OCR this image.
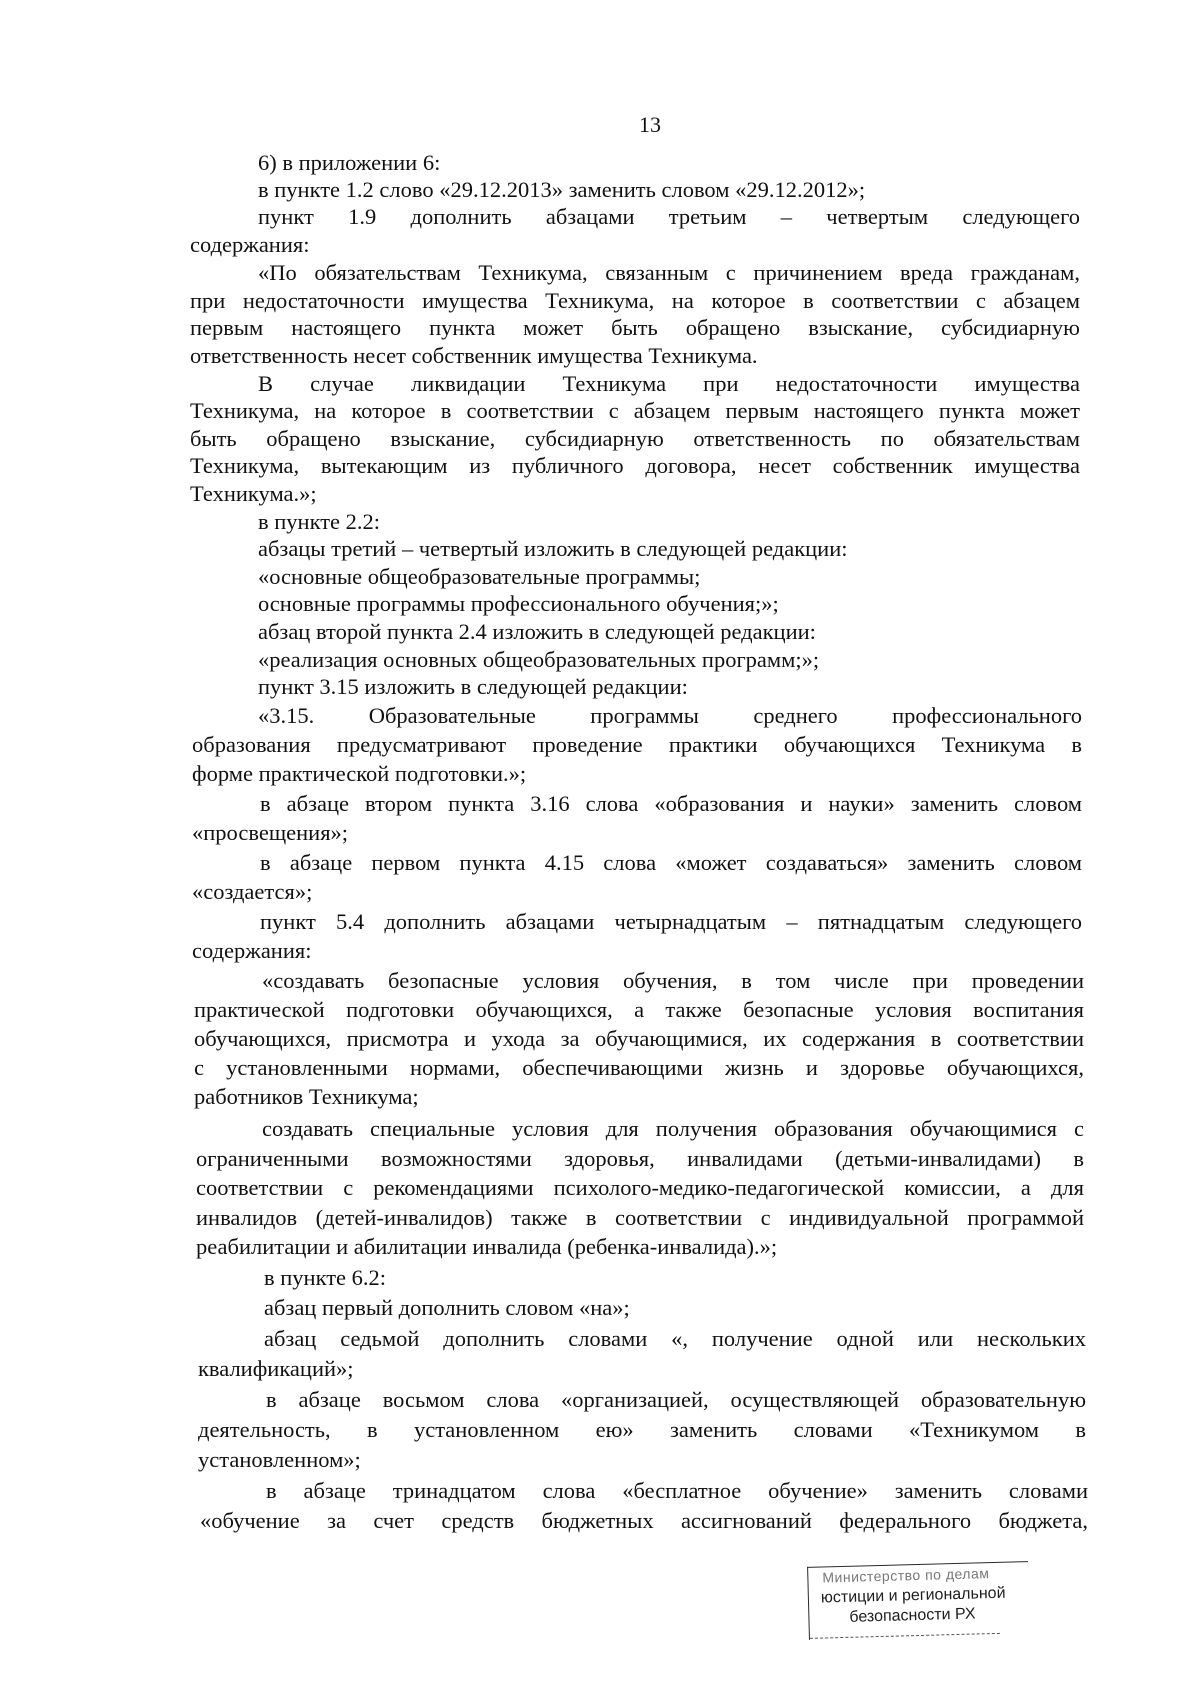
13
6) в приложении 6:
в пункте 1.2 слово «29.12.2013» заменить словом «29.12.2012»;
пункт 1.9 дополнить абзацами третьим – четвертым следующего
содержания:
«По обязательствам Техникума, связанным с причинением вреда гражданам,
при недостаточности имущества Техникума, на которое в соответствии с абзацем
первым настоящего пункта может быть обращено взыскание, субсидиарную
ответственность несет собственник имущества Техникума.
В случае ликвидации Техникума при недостаточности имущества
Техникума, на которое в соответствии с абзацем первым настоящего пункта может
быть обращено взыскание, субсидиарную ответственность по обязательствам
Техникума, вытекающим из публичного договора, несет собственник имущества
Техникума.»;
в пункте 2.2:
абзацы третий – четвертый изложить в следующей редакции:
«основные общеобразовательные программы;
основные программы профессионального обучения;»;
абзац второй пункта 2.4 изложить в следующей редакции:
«реализация основных общеобразовательных программ;»;
пункт 3.15 изложить в следующей редакции:
«3.15. Образовательные программы среднего профессионального
образования предусматривают проведение практики обучающихся Техникума в
форме практической подготовки.»;
в абзаце втором пункта 3.16 слова «образования и науки» заменить словом
«просвещения»;
в абзаце первом пункта 4.15 слова «может создаваться» заменить словом
«создается»;
пункт 5.4 дополнить абзацами четырнадцатым – пятнадцатым следующего
содержания:
«создавать безопасные условия обучения, в том числе при проведении
практической подготовки обучающихся, а также безопасные условия воспитания
обучающихся, присмотра и ухода за обучающимися, их содержания в соответствии
с установленными нормами, обеспечивающими жизнь и здоровье обучающихся,
работников Техникума;
создавать специальные условия для получения образования обучающимися с
ограниченными возможностями здоровья, инвалидами (детьми-инвалидами) в
соответствии с рекомендациями психолого-медико-педагогической комиссии, а для
инвалидов (детей-инвалидов) также в соответствии с индивидуальной программой
реабилитации и абилитации инвалида (ребенка-инвалида).»;
в пункте 6.2:
абзац первый дополнить словом «на»;
абзац седьмой дополнить словами «, получение одной или нескольких
квалификаций»;
в абзаце восьмом слова «организацией, осуществляющей образовательную
деятельность, в установленном ею» заменить словами «Техникумом в
установленном»;
в абзаце тринадцатом слова «бесплатное обучение» заменить словами
«обучение за счет средств бюджетных ассигнований федерального бюджета,
Министерство по делам
юстиции и региональной
безопасности РХ
